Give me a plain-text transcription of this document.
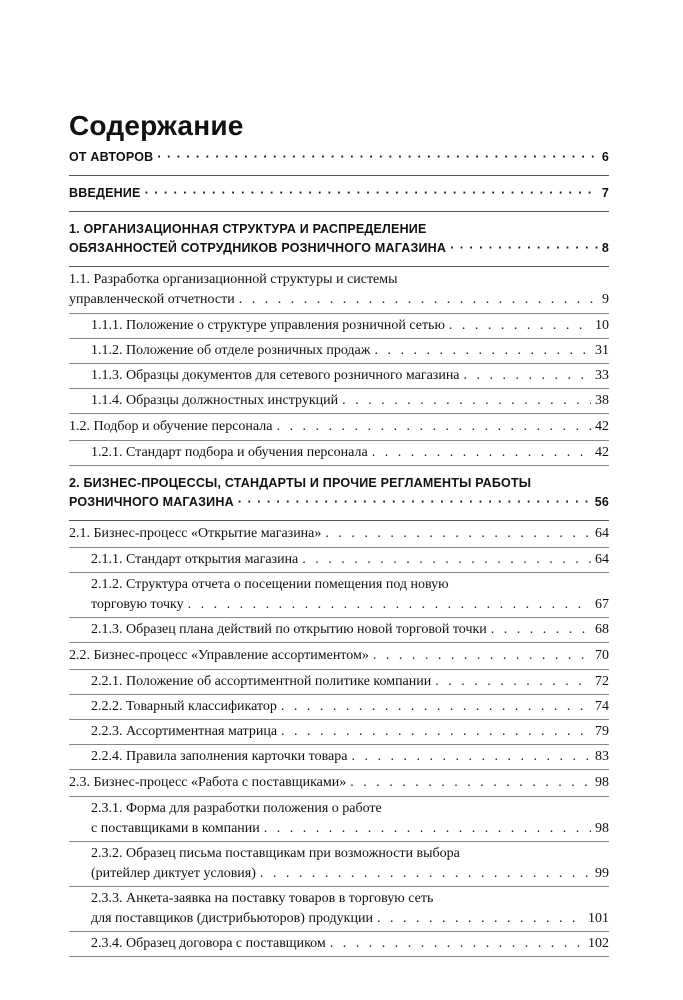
Содержание
ОТ АВТОРОВ · · ·	6
ВВЕДЕНИЕ · · ·	7
1. ОРГАНИЗАЦИОННАЯ СТРУКТУРА И РАСПРЕДЕЛЕНИЕ
ОБЯЗАННОСТЕЙ СОТРУДНИКОВ РОЗНИЧНОГО МАГАЗИНА · · ·	8
1.1. Разработка организационной структуры и системы
управленческой отчетности . . .	9
1.1.1. Положение о структуре управления розничной сетью . . .	10
1.1.2. Положение об отделе розничных продаж . . .	31
1.1.3. Образцы документов для сетевого розничного магазина . . .	33
1.1.4. Образцы должностных инструкций . . .	38
1.2. Подбор и обучение персонала . . .	42
1.2.1. Стандарт подбора и обучения персонала . . .	42
2. БИЗНЕС-ПРОЦЕССЫ, СТАНДАРТЫ И ПРОЧИЕ РЕГЛАМЕНТЫ РАБОТЫ
РОЗНИЧНОГО МАГАЗИНА · · ·	56
2.1. Бизнес-процесс «Открытие магазина» . . .	64
2.1.1. Стандарт открытия магазина . . .	64
2.1.2. Структура отчета о посещении помещения под новую
торговую точку . . .	67
2.1.3. Образец плана действий по открытию новой торговой точки . . .	68
2.2. Бизнес-процесс «Управление ассортиментом» . . .	70
2.2.1. Положение об ассортиментной политике компании . . .	72
2.2.2. Товарный классификатор . . .	74
2.2.3. Ассортиментная матрица . . .	79
2.2.4. Правила заполнения карточки товара . . .	83
2.3. Бизнес-процесс «Работа с поставщиками» . . .	98
2.3.1. Форма для разработки положения о работе
с поставщиками в компании . . .	98
2.3.2. Образец письма поставщикам при возможности выбора
(ритейлер диктует условия) . . .	99
2.3.3. Анкета-заявка на поставку товаров в торговую сеть
для поставщиков (дистрибьюторов) продукции . . .	101
2.3.4. Образец договора с поставщиком . . .	102
